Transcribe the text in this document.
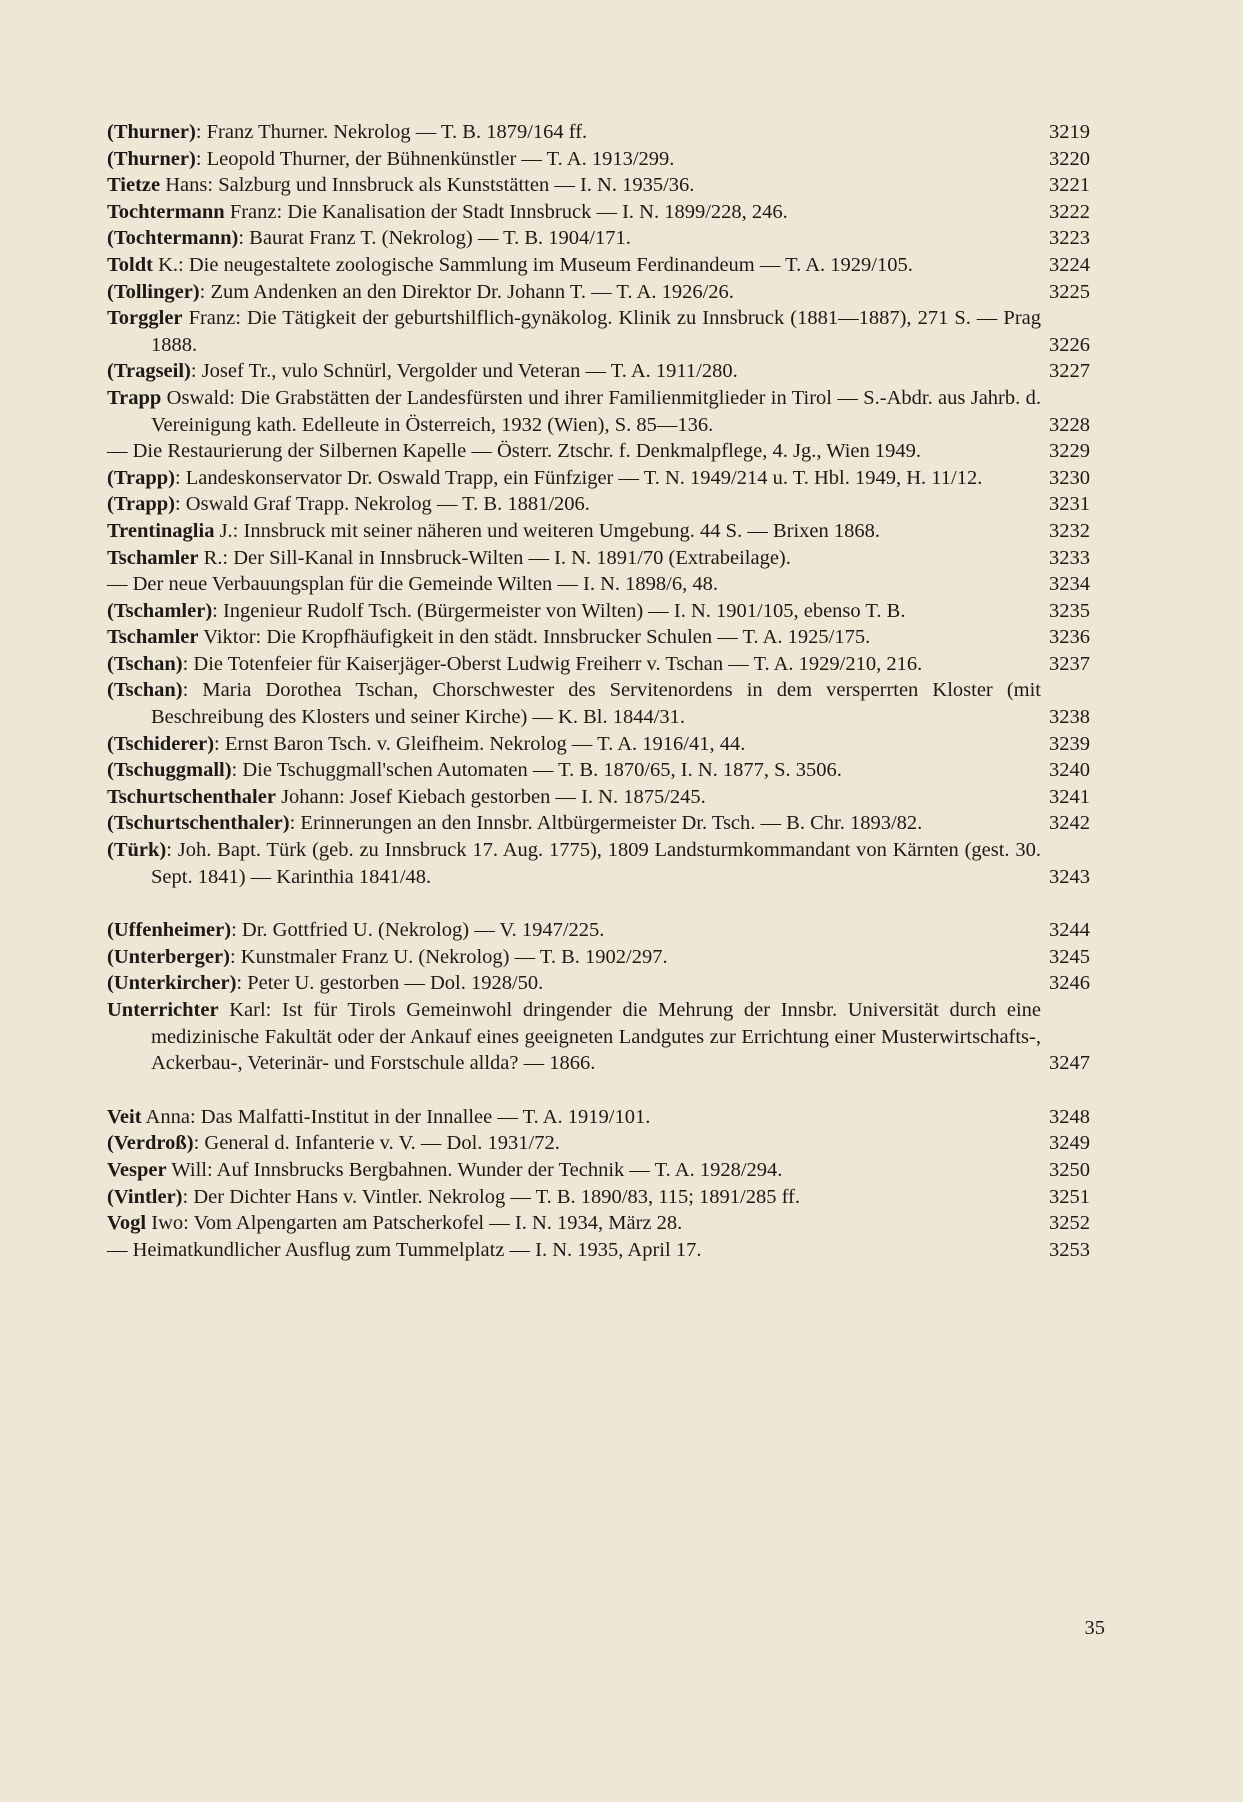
(Thurner): Franz Thurner. Nekrolog — T. B. 1879/164 ff.	3219
(Thurner): Leopold Thurner, der Bühnenkünstler — T. A. 1913/299.	3220
Tietze Hans: Salzburg und Innsbruck als Kunststätten — I. N. 1935/36.	3221
Tochtermann Franz: Die Kanalisation der Stadt Innsbruck — I. N. 1899/228, 246.	3222
(Tochtermann): Baurat Franz T. (Nekrolog) — T. B. 1904/171.	3223
Toldt K.: Die neugestaltete zoologische Sammlung im Museum Ferdinandeum — T. A. 1929/105.	3224
(Tollinger): Zum Andenken an den Direktor Dr. Johann T. — T. A. 1926/26.	3225
Torggler Franz: Die Tätigkeit der geburtshilflich-gynäkolog. Klinik zu Innsbruck (1881—1887), 271 S. — Prag 1888.	3226
(Tragseil): Josef Tr., vulo Schnürl, Vergolder und Veteran — T. A. 1911/280.	3227
Trapp Oswald: Die Grabstätten der Landesfürsten und ihrer Familienmitglieder in Tirol — S.-Abdr. aus Jahrb. d. Vereinigung kath. Edelleute in Österreich, 1932 (Wien), S. 85—136.	3228
— Die Restaurierung der Silbernen Kapelle — Österr. Ztschr. f. Denkmalpflege, 4. Jg., Wien 1949.	3229
(Trapp): Landeskonservator Dr. Oswald Trapp, ein Fünfziger — T. N. 1949/214 u. T. Hbl. 1949, H. 11/12.	3230
(Trapp): Oswald Graf Trapp. Nekrolog — T. B. 1881/206.	3231
Trentinaglia J.: Innsbruck mit seiner näheren und weiteren Umgebung. 44 S. — Brixen 1868.	3232
Tschamler R.: Der Sill-Kanal in Innsbruck-Wilten — I. N. 1891/70 (Extrabeilage).	3233
— Der neue Verbauungsplan für die Gemeinde Wilten — I. N. 1898/6, 48.	3234
(Tschamler): Ingenieur Rudolf Tsch. (Bürgermeister von Wilten) — I. N. 1901/105, ebenso T. B.	3235
Tschamler Viktor: Die Kropfhäufigkeit in den städt. Innsbrucker Schulen — T. A. 1925/175.	3236
(Tschan): Die Totenfeier für Kaiserjäger-Oberst Ludwig Freiherr v. Tschan — T. A. 1929/210, 216.	3237
(Tschan): Maria Dorothea Tschan, Chorschwester des Servitenordens in dem versperrten Kloster (mit Beschreibung des Klosters und seiner Kirche) — K. Bl. 1844/31.	3238
(Tschiderer): Ernst Baron Tsch. v. Gleifheim. Nekrolog — T. A. 1916/41, 44.	3239
(Tschuggmall): Die Tschuggmall'schen Automaten — T. B. 1870/65, I. N. 1877, S. 3506.	3240
Tschurtschenthaler Johann: Josef Kiebach gestorben — I. N. 1875/245.	3241
(Tschurtschenthaler): Erinnerungen an den Innsbr. Altbürgermeister Dr. Tsch. — B. Chr. 1893/82.	3242
(Türk): Joh. Bapt. Türk (geb. zu Innsbruck 17. Aug. 1775), 1809 Landsturmkommandant von Kärnten (gest. 30. Sept. 1841) — Karinthia 1841/48.	3243
(Uffenheimer): Dr. Gottfried U. (Nekrolog) — V. 1947/225.	3244
(Unterberger): Kunstmaler Franz U. (Nekrolog) — T. B. 1902/297.	3245
(Unterkircher): Peter U. gestorben — Dol. 1928/50.	3246
Unterrichter Karl: Ist für Tirols Gemeinwohl dringender die Mehrung der Innsbr. Universität durch eine medizinische Fakultät oder der Ankauf eines geeigneten Landgutes zur Errichtung einer Musterwirtschafts-, Ackerbau-, Veterinär- und Forstschule allda? — 1866.	3247
Veit Anna: Das Malfatti-Institut in der Innallee — T. A. 1919/101.	3248
(Verdroß): General d. Infanterie v. V. — Dol. 1931/72.	3249
Vesper Will: Auf Innsbrucks Bergbahnen. Wunder der Technik — T. A. 1928/294.	3250
(Vintler): Der Dichter Hans v. Vintler. Nekrolog — T. B. 1890/83, 115; 1891/285 ff.	3251
Vogl Iwo: Vom Alpengarten am Patscherkofel — I. N. 1934, März 28.	3252
— Heimatkundlicher Ausflug zum Tummelplatz — I. N. 1935, April 17.	3253
35
